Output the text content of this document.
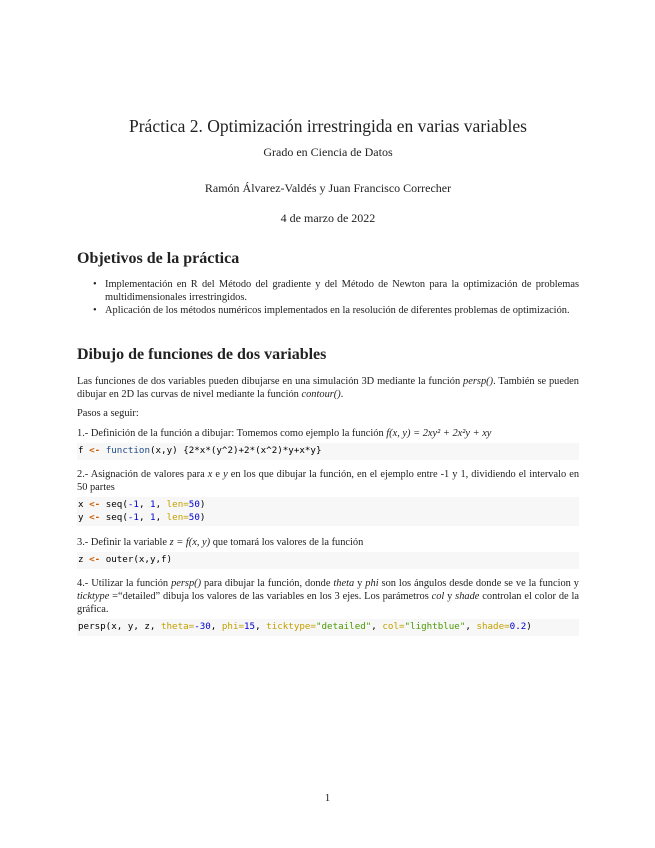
Práctica 2. Optimización irrestringida en varias variables
Grado en Ciencia de Datos
Ramón Álvarez-Valdés y Juan Francisco Correcher
4 de marzo de 2022
Objetivos de la práctica
• Implementación en R del Método del gradiente y del Método de Newton para la optimización de problemas multidimensionales irrestringidos.
• Aplicación de los métodos numéricos implementados en la resolución de diferentes problemas de optimización.
Dibujo de funciones de dos variables

Las funciones de dos variables pueden dibujarse en una simulación 3D mediante la función persp(). También se pueden dibujar en 2D las curvas de nivel mediante la función contour().

Pasos a seguir:

1.- Definición de la función a dibujar: Tomemos como ejemplo la función f(x, y) = 2xy² + 2x²y + xy

f <- function(x,y) {2*x*(y^2)+2*(x^2)*y+x*y}

2.- Asignación de valores para x e y en los que dibujar la función, en el ejemplo entre -1 y 1, dividiendo el intervalo en 50 partes

x <- seq(-1, 1, len=50)
y <- seq(-1, 1, len=50)

3.- Definir la variable z = f(x, y) que tomará los valores de la función

z <- outer(x,y,f)

4.- Utilizar la función persp() para dibujar la función, donde theta y phi son los ángulos desde donde se ve la funcion y ticktype =“detailed” dibuja los valores de las variables en los 3 ejes. Los parámetros col y shade controlan el color de la gráfica.

persp(x, y, z, theta=-30, phi=15, ticktype="detailed", col="lightblue", shade=0.2)
1
